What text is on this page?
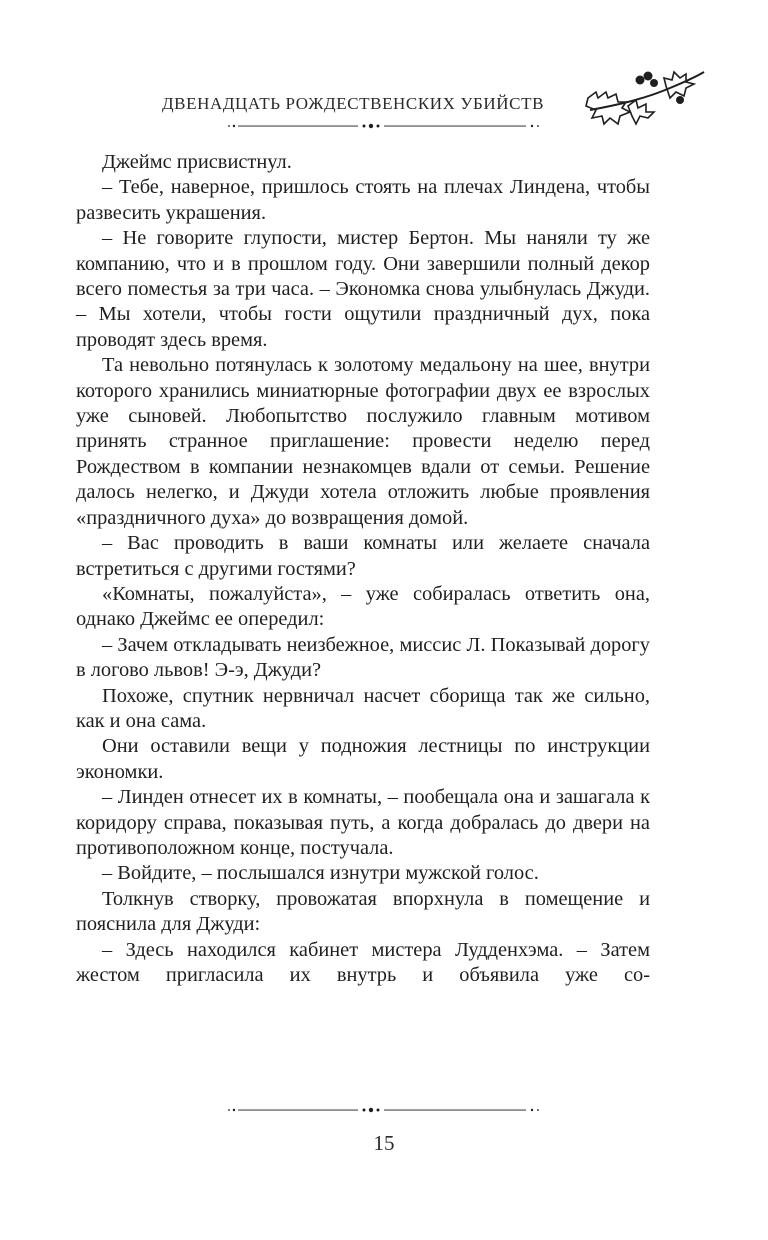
ДВЕНАДЦАТЬ РОЖДЕСТВЕНСКИХ УБИЙСТВ

Джеймс присвистнул.

– Тебе, наверное, пришлось стоять на плечах Линдена, чтобы развесить украшения.

– Не говорите глупости, мистер Бертон. Мы наняли ту же компанию, что и в прошлом году. Они завершили полный декор всего поместья за три часа. – Экономка снова улыбнулась Джуди. – Мы хотели, чтобы гости ощутили праздничный дух, пока проводят здесь время.

Та невольно потянулась к золотому медальону на шее, внутри которого хранились миниатюрные фотографии двух ее взрослых уже сыновей. Любопытство послужило главным мотивом принять странное приглашение: провести неделю перед Рождеством в компании незнакомцев вдали от семьи. Решение далось нелегко, и Джуди хотела отложить любые проявления «праздничного духа» до возвращения домой.

– Вас проводить в ваши комнаты или желаете сначала встретиться с другими гостями?

«Комнаты, пожалуйста», – уже собиралась ответить она, однако Джеймс ее опередил:

– Зачем откладывать неизбежное, миссис Л. Показывай дорогу в логово львов! Э-э, Джуди?

Похоже, спутник нервничал насчет сборища так же сильно, как и она сама.

Они оставили вещи у подножия лестницы по инструкции экономки.

– Линден отнесет их в комнаты, – пообещала она и зашагала к коридору справа, показывая путь, а когда добралась до двери на противоположном конце, постучала.

– Войдите, – послышался изнутри мужской голос.

Толкнув створку, провожатая впорхнула в помещение и пояснила для Джуди:

– Здесь находился кабинет мистера Лудденхэма. – Затем жестом пригласила их внутрь и объявила уже со-

15
